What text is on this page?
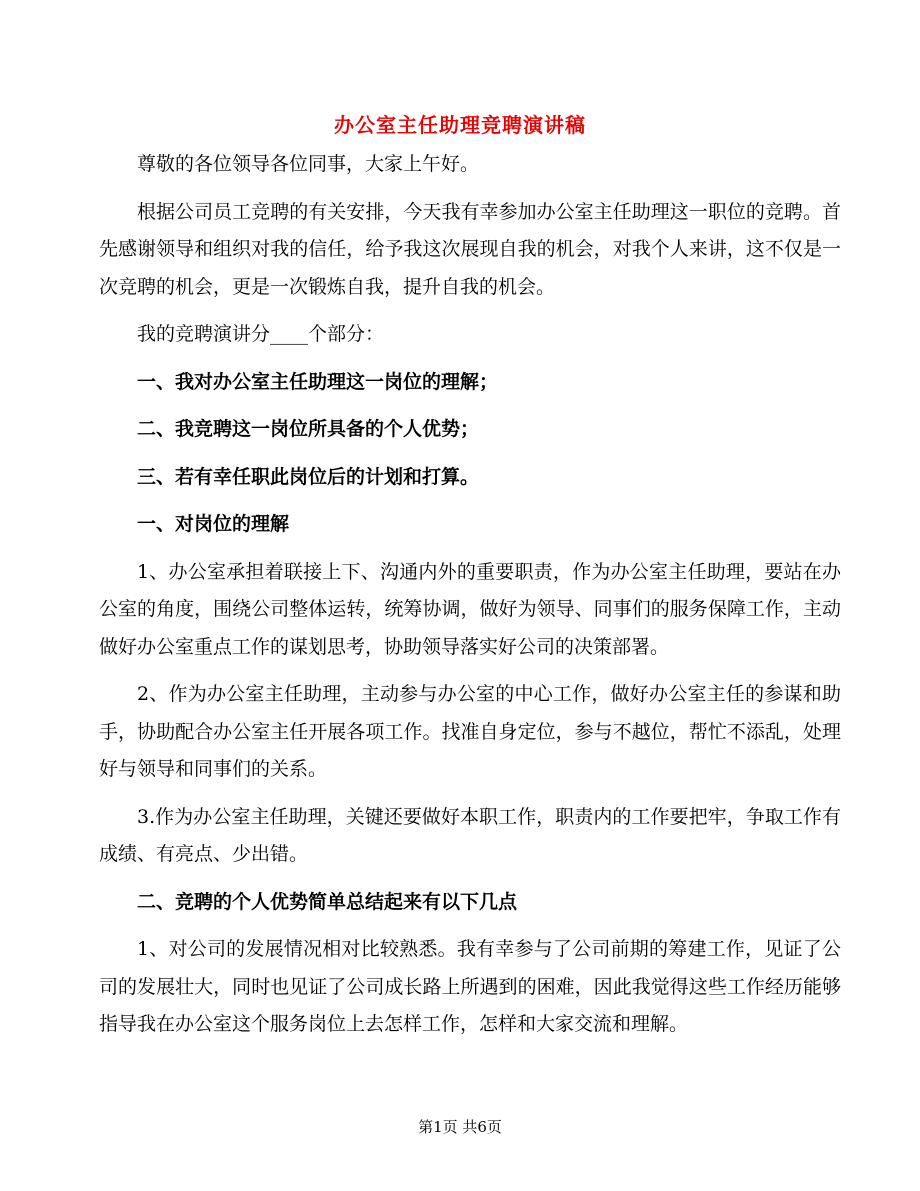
办公室主任助理竞聘演讲稿

尊敬的各位领导各位同事，大家上午好。

根据公司员工竞聘的有关安排，今天我有幸参加办公室主任助理这一职位的竞聘。首先感谢领导和组织对我的信任，给予我这次展现自我的机会，对我个人来讲，这不仅是一次竞聘的机会，更是一次锻炼自我，提升自我的机会。

我的竞聘演讲分____个部分：

一、我对办公室主任助理这一岗位的理解；

二、我竞聘这一岗位所具备的个人优势；

三、若有幸任职此岗位后的计划和打算。

一、对岗位的理解

1、办公室承担着联接上下、沟通内外的重要职责，作为办公室主任助理，要站在办公室的角度，围绕公司整体运转，统筹协调，做好为领导、同事们的服务保障工作，主动做好办公室重点工作的谋划思考，协助领导落实好公司的决策部署。

2、作为办公室主任助理，主动参与办公室的中心工作，做好办公室主任的参谋和助手，协助配合办公室主任开展各项工作。找准自身定位，参与不越位，帮忙不添乱，处理好与领导和同事们的关系。

3.作为办公室主任助理，关键还要做好本职工作，职责内的工作要把牢，争取工作有成绩、有亮点、少出错。

二、竞聘的个人优势简单总结起来有以下几点

1、对公司的发展情况相对比较熟悉。我有幸参与了公司前期的筹建工作，见证了公司的发展壮大，同时也见证了公司成长路上所遇到的困难，因此我觉得这些工作经历能够指导我在办公室这个服务岗位上去怎样工作，怎样和大家交流和理解。

第1页 共6页
